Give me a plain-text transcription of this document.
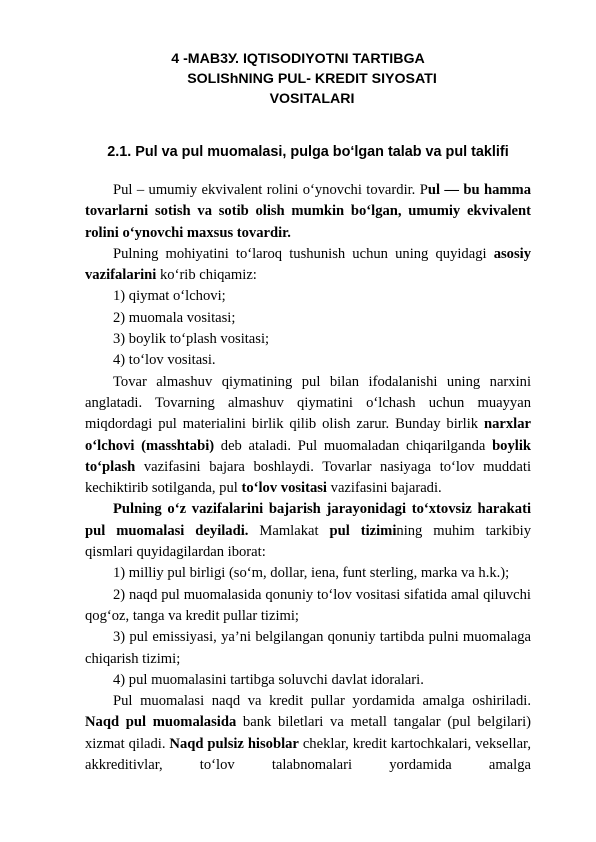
4 -MAB3У. IQTISODIYOTNI TARTIBGA
SOLIShNING PUL- KREDIT SIYOSATI
VOSITALARI
2.1. Pul va pul muomalasi, pulga bo‘lgan talab va pul taklifi

Pul – umumiy ekvivalent rolini o‘ynovchi tovardir. Pul — bu hamma tovarlarni sotish va sotib olish mumkin bo‘lgan, umumiy ekvivalent rolini o‘ynovchi maxsus tovardir.

Pulning mohiyatini to‘laroq tushunish uchun uning quyidagi asosiy vazifalarini ko‘rib chiqamiz:

1) qiymat o‘lchovi;

2) muomala vositasi;

3) boylik to‘plash vositasi;

4) to‘lov vositasi.

Tovar almashuv qiymatining pul bilan ifodalanishi uning narxini anglatadi. Tovarning almashuv qiymatini o‘lchash uchun muayyan miqdordagi pul materialini birlik qilib olish zarur. Bunday birlik narxlar o‘lchovi (masshtabi) deb ataladi. Pul muomaladan chiqarilganda boylik to‘plash vazifasini bajara boshlaydi. Tovarlar nasiyaga to‘lov muddati kechiktirib sotilganda, pul to‘lov vositasi vazifasini bajaradi.

Pulning o‘z vazifalarini bajarish jarayonidagi to‘xtovsiz harakati pul muomalasi deyiladi. Mamlakat pul tizimining muhim tarkibiy qismlari quyidagilardan iborat:

1) milliy pul birligi (so‘m, dollar, iena, funt sterling, marka va h.k.);

2) naqd pul muomalasida qonuniy to‘lov vositasi sifatida amal qiluvchi qog‘oz, tanga va kredit pullar tizimi;

3) pul emissiyasi, ya’ni belgilangan qonuniy tartibda pulni muomalaga chiqarish tizimi;

4) pul muomalasini tartibga soluvchi davlat idoralari.

Pul muomalasi naqd va kredit pullar yordamida amalga oshiriladi. Naqd pul muomalasida bank biletlari va metall tangalar (pul belgilari) xizmat qiladi. Naqd pulsiz hisoblar cheklar, kredit kartochkalari, veksellar, akkreditivlar, to‘lov talabnomalari yordamida amalga
